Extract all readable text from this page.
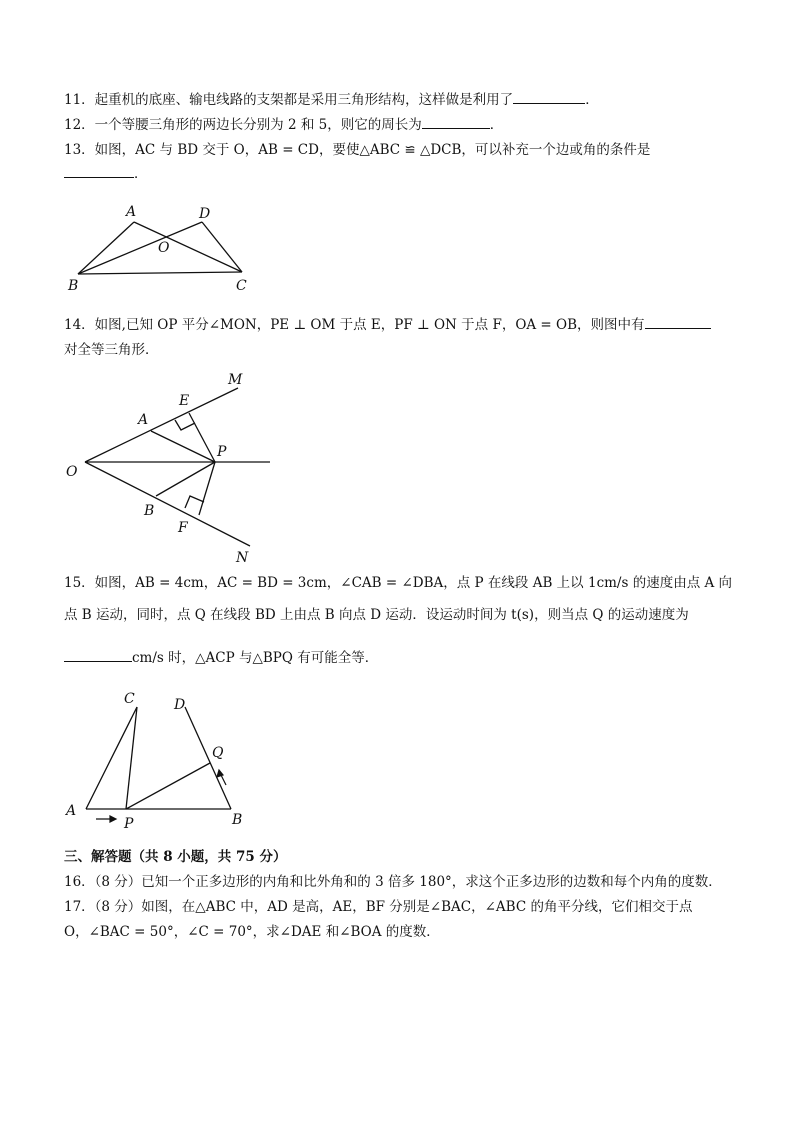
11．起重机的底座、输电线路的支架都是采用三角形结构，这样做是利用了	．
12．一个等腰三角形的两边长分别为 2 和 5，则它的周长为	．
13．如图，AC 与 BD 交于 O，AB = CD，要使△ABC ≌ △DCB，可以补充一个边或角的条件是
．
A	D
O
B	C
14．如图,已知 OP 平分∠MON，PE ⊥ OM 于点 E，PF ⊥ ON 于点 F，OA = OB，则图中有
对全等三角形．
M
E
A
P
O
B
F
N
15．如图，AB = 4cm，AC = BD = 3cm，∠CAB = ∠DBA，点 P 在线段 AB 上以 1cm/s 的速度由点 A 向
点 B 运动，同时，点 Q 在线段 BD 上由点 B 向点 D 运动．设运动时间为 t(s)，则当点 Q 的运动速度为
cm/s 时，△ACP 与△BPQ 有可能全等．
C	D
Q
A
P	B
三、解答题（共 8 小题，共 75 分）
16．（8 分）已知一个正多边形的内角和比外角和的 3 倍多 180°，求这个正多边形的边数和每个内角的度数．
17．（8 分）如图，在△ABC 中，AD 是高，AE，BF 分别是∠BAC，∠ABC 的角平分线，它们相交于点
O，∠BAC = 50°，∠C = 70°，求∠DAE 和∠BOA 的度数．
